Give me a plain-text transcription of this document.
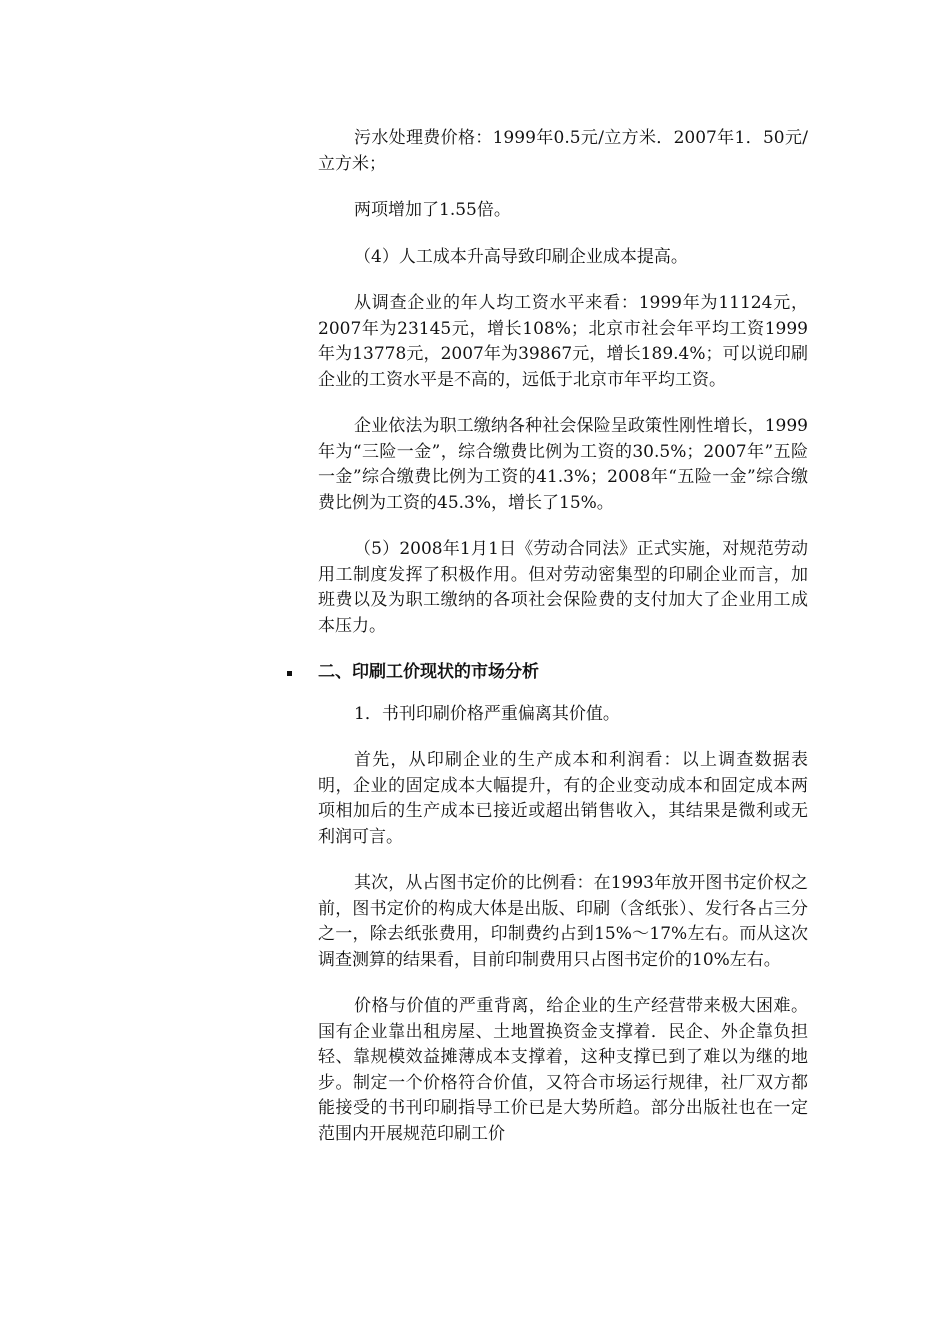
污水处理费价格：1999年0.5元/立方米．2007年1．50元/立方米；

两项增加了1.55倍。

（4）人工成本升高导致印刷企业成本提高。

从调查企业的年人均工资水平来看：1999年为11124元，2007年为23145元，增长108%；北京市社会年平均工资1999年为13778元，2007年为39867元，增长189.4%；可以说印刷企业的工资水平是不高的，远低于北京市年平均工资。

企业依法为职工缴纳各种社会保险呈政策性刚性增长，1999年为“三险一金”，综合缴费比例为工资的30.5%；2007年”五险一金”综合缴费比例为工资的41.3%；2008年“五险一金”综合缴费比例为工资的45.3%，增长了15%。

（5）2008年1月1日《劳动合同法》正式实施，对规范劳动用工制度发挥了积极作用。但对劳动密集型的印刷企业而言，加班费以及为职工缴纳的各项社会保险费的支付加大了企业用工成本压力。

二、印刷工价现状的市场分析

1．书刊印刷价格严重偏离其价值。

首先，从印刷企业的生产成本和利润看：以上调查数据表明，企业的固定成本大幅提升，有的企业变动成本和固定成本两项相加后的生产成本已接近或超出销售收入，其结果是微利或无利润可言。

其次，从占图书定价的比例看：在1993年放开图书定价权之前，图书定价的构成大体是出版、印刷（含纸张）、发行各占三分之一，除去纸张费用，印制费约占到15%～17%左右。而从这次调查测算的结果看，目前印制费用只占图书定价的10%左右。

价格与价值的严重背离，给企业的生产经营带来极大困难。国有企业靠出租房屋、土地置换资金支撑着．民企、外企靠负担轻、靠规模效益摊薄成本支撑着，这种支撑已到了难以为继的地步。制定一个价格符合价值，又符合市场运行规律，社厂双方都能接受的书刊印刷指导工价已是大势所趋。部分出版社也在一定范围内开展规范印刷工价
